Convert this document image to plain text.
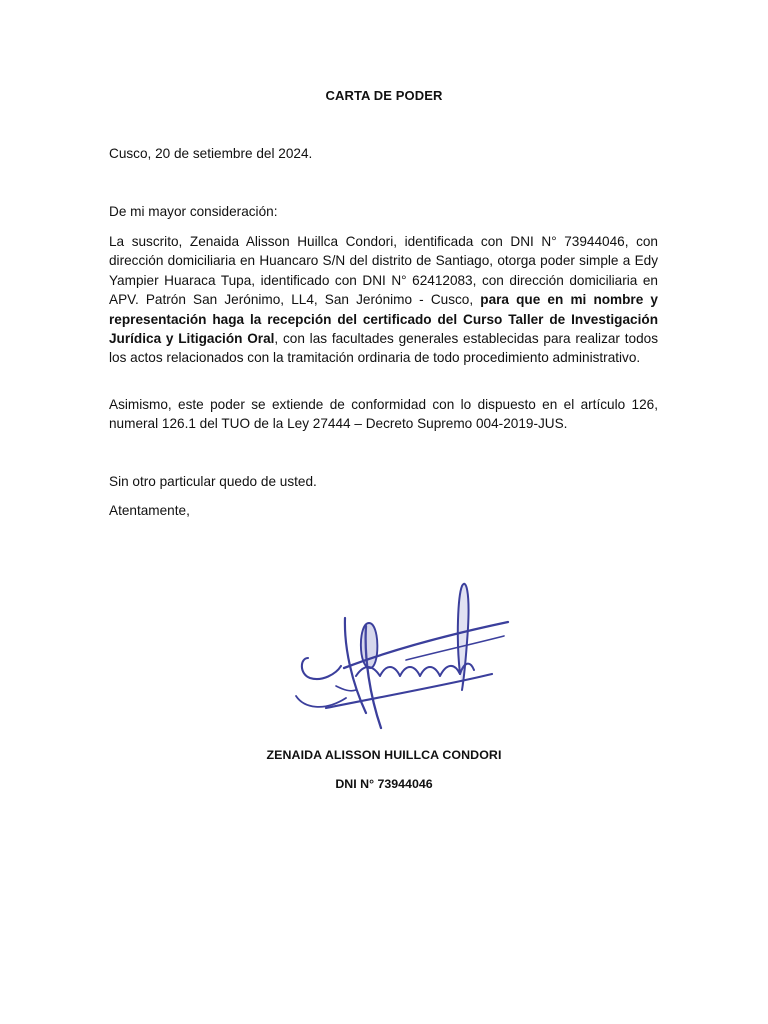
CARTA DE PODER
Cusco, 20 de setiembre del 2024.
De mi mayor consideración:
La suscrito, Zenaida Alisson Huillca Condori, identificada con DNI N° 73944046, con dirección domiciliaria en Huancaro S/N del distrito de Santiago, otorga poder simple a Edy Yampier Huaraca Tupa, identificado con DNI N° 62412083, con dirección domiciliaria en APV. Patrón San Jerónimo, LL4, San Jerónimo - Cusco, para que en mi nombre y representación haga la recepción del certificado del Curso Taller de Investigación Jurídica y Litigación Oral, con las facultades generales establecidas para realizar todos los actos relacionados con la tramitación ordinaria de todo procedimiento administrativo.
Asimismo, este poder se extiende de conformidad con lo dispuesto en el artículo 126, numeral 126.1 del TUO de la Ley 27444 – Decreto Supremo 004-2019-JUS.
Sin otro particular quedo de usted.
Atentamente,
ZENAIDA ALISSON HUILLCA CONDORI
DNI N° 73944046
